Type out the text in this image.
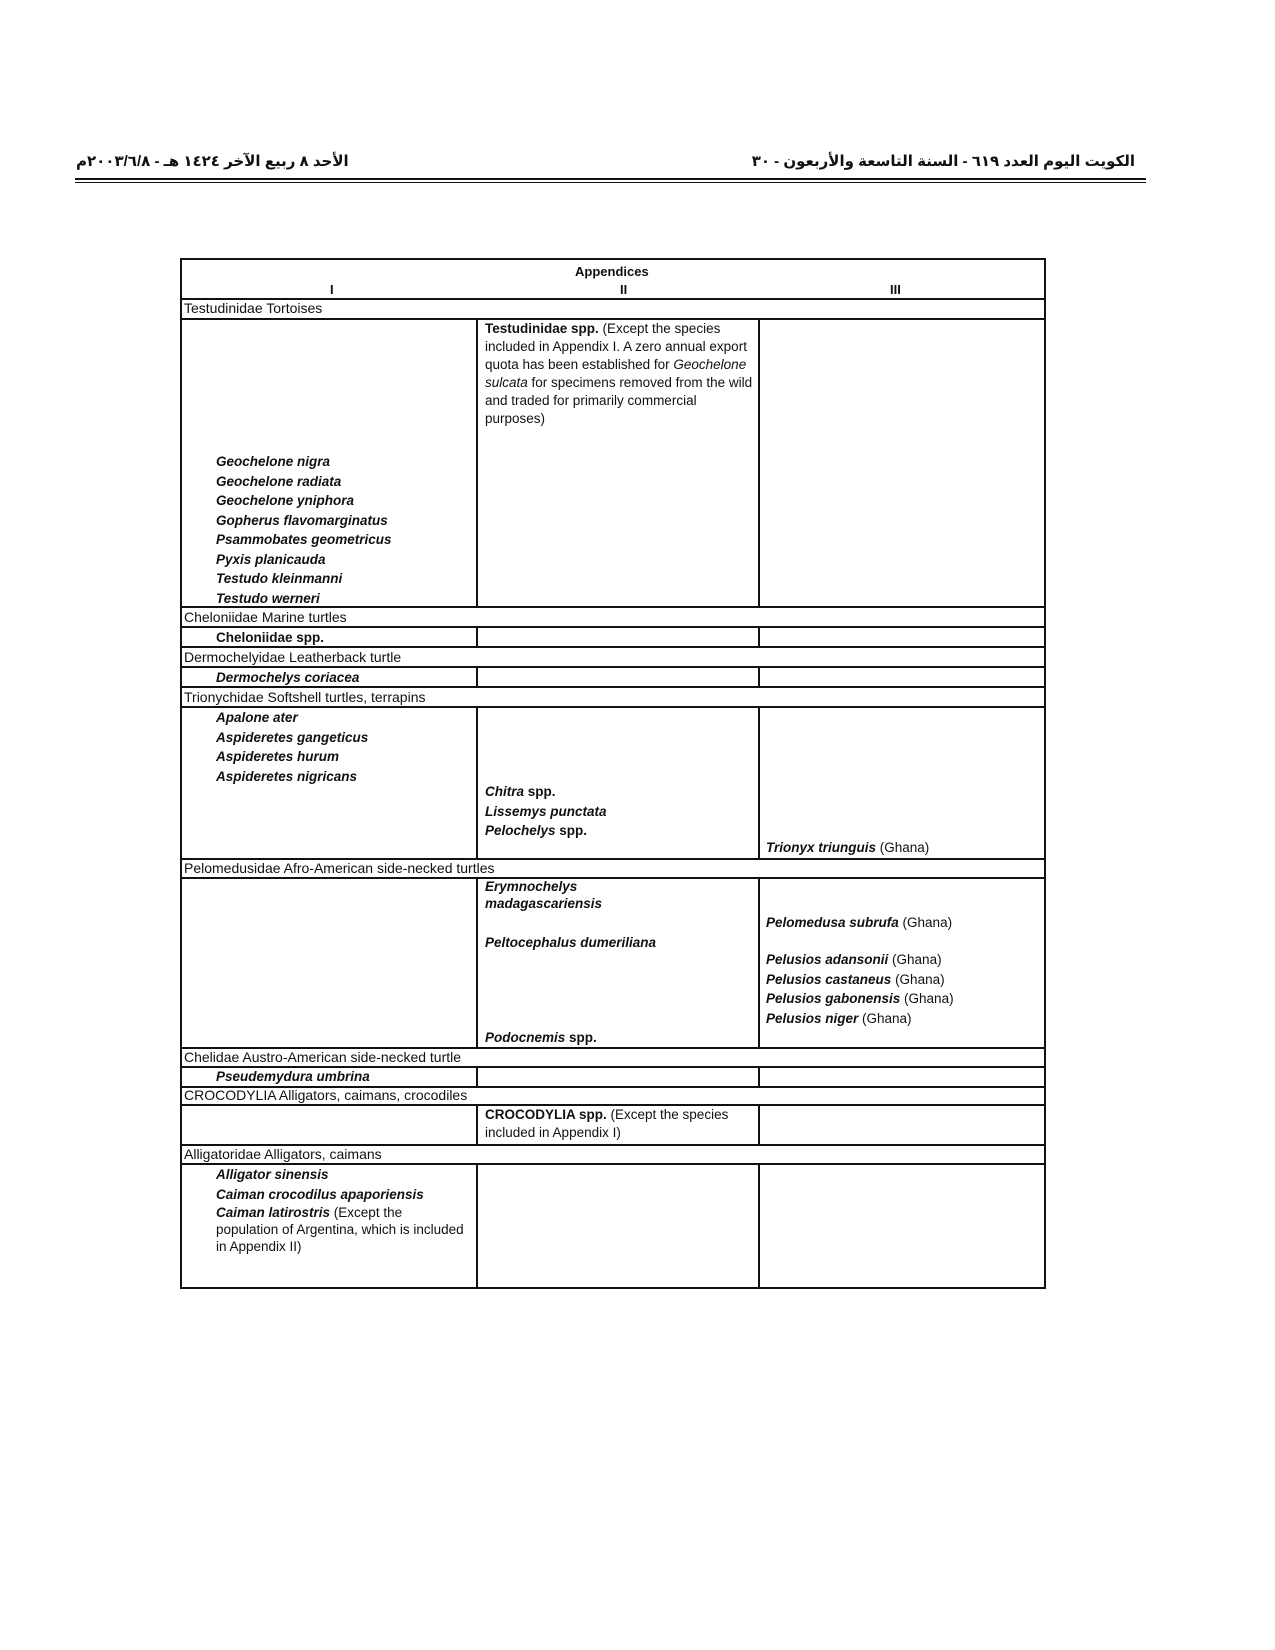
الكويت اليوم العدد ٦١٩ - السنة التاسعة والأربعون - ٣٠
الأحد ٨ ربيع الآخر ١٤٢٤ هـ - ٢٠٠٣/٦/٨م
Appendices
I	II	III
Testudinidae Tortoises
Testudinidae spp. (Except the species included in Appendix I. A zero annual export quota has been established for Geochelone sulcata for specimens removed from the wild and traded for primarily commercial purposes)
Geochelone nigra
Geochelone radiata
Geochelone yniphora
Gopherus flavomarginatus
Psammobates geometricus
Pyxis planicauda
Testudo kleinmanni
Testudo werneri
Cheloniidae Marine turtles
Cheloniidae spp.
Dermochelyidae Leatherback turtle
Dermochelys coriacea
Trionychidae Softshell turtles, terrapins
Apalone ater
Aspideretes gangeticus
Aspideretes hurum
Aspideretes nigricans
Chitra spp.
Lissemys punctata
Pelochelys spp.
Trionyx triunguis (Ghana)
Pelomedusidae Afro-American side-necked turtles
Erymnochelys madagascariensis
Peltocephalus dumeriliana
Podocnemis spp.
Pelomedusa subrufa (Ghana)
Pelusios adansonii (Ghana)
Pelusios castaneus (Ghana)
Pelusios gabonensis (Ghana)
Pelusios niger (Ghana)
Chelidae Austro-American side-necked turtle
Pseudemydura umbrina
CROCODYLIA Alligators, caimans, crocodiles
CROCODYLIA spp. (Except the species included in Appendix I)
Alligatoridae Alligators, caimans
Alligator sinensis
Caiman crocodilus apaporiensis
Caiman latirostris (Except the population of Argentina, which is included in Appendix II)
